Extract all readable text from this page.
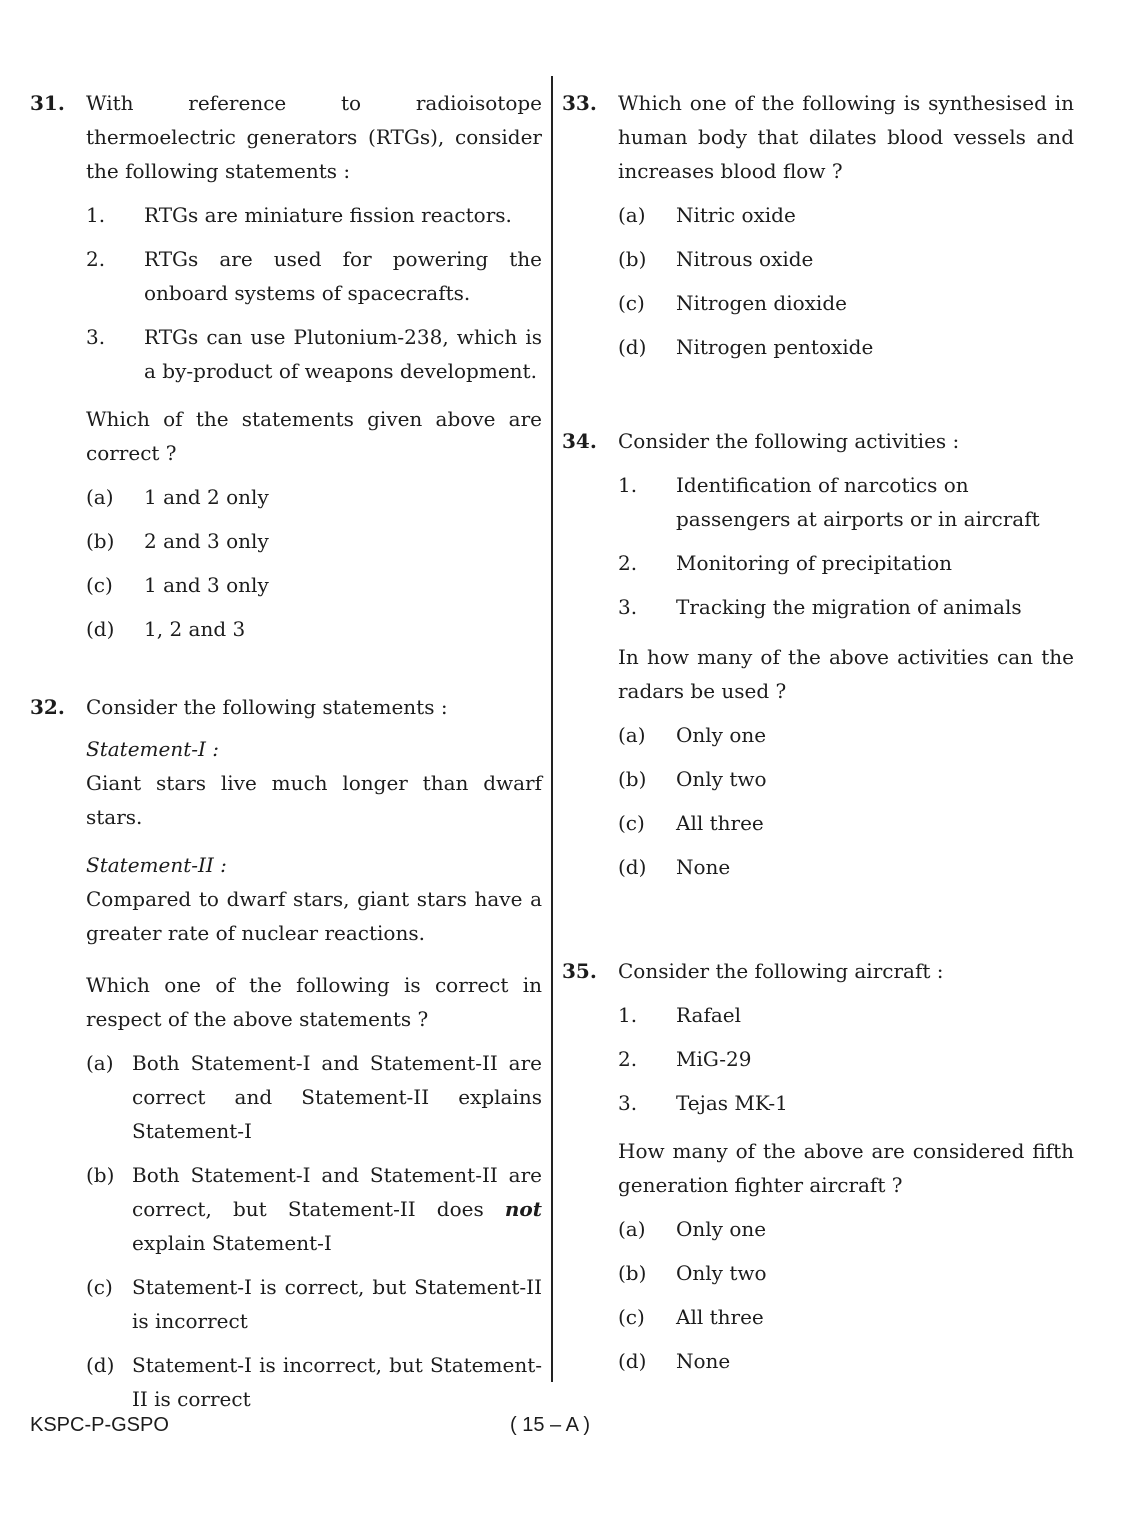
31. With reference to radioisotope thermoelectric generators (RTGs), consider the following statements :
1. RTGs are miniature fission reactors.
2. RTGs are used for powering the onboard systems of spacecrafts.
3. RTGs can use Plutonium-238, which is a by-product of weapons development.
Which of the statements given above are correct ?
(a) 1 and 2 only
(b) 2 and 3 only
(c) 1 and 3 only
(d) 1, 2 and 3
32. Consider the following statements :
Statement-I :
Giant stars live much longer than dwarf stars.
Statement-II :
Compared to dwarf stars, giant stars have a greater rate of nuclear reactions.
Which one of the following is correct in respect of the above statements ?
(a) Both Statement-I and Statement-II are correct and Statement-II explains Statement-I
(b) Both Statement-I and Statement-II are correct, but Statement-II does not explain Statement-I
(c) Statement-I is correct, but Statement-II is incorrect
(d) Statement-I is incorrect, but Statement-II is correct
33. Which one of the following is synthesised in human body that dilates blood vessels and increases blood flow ?
(a) Nitric oxide
(b) Nitrous oxide
(c) Nitrogen dioxide
(d) Nitrogen pentoxide
34. Consider the following activities :
1. Identification of narcotics on passengers at airports or in aircraft
2. Monitoring of precipitation
3. Tracking the migration of animals
In how many of the above activities can the radars be used ?
(a) Only one
(b) Only two
(c) All three
(d) None
35. Consider the following aircraft :
1. Rafael
2. MiG-29
3. Tejas MK-1
How many of the above are considered fifth generation fighter aircraft ?
(a) Only one
(b) Only two
(c) All three
(d) None
KSPC-P-GSPO	( 15 – A )
